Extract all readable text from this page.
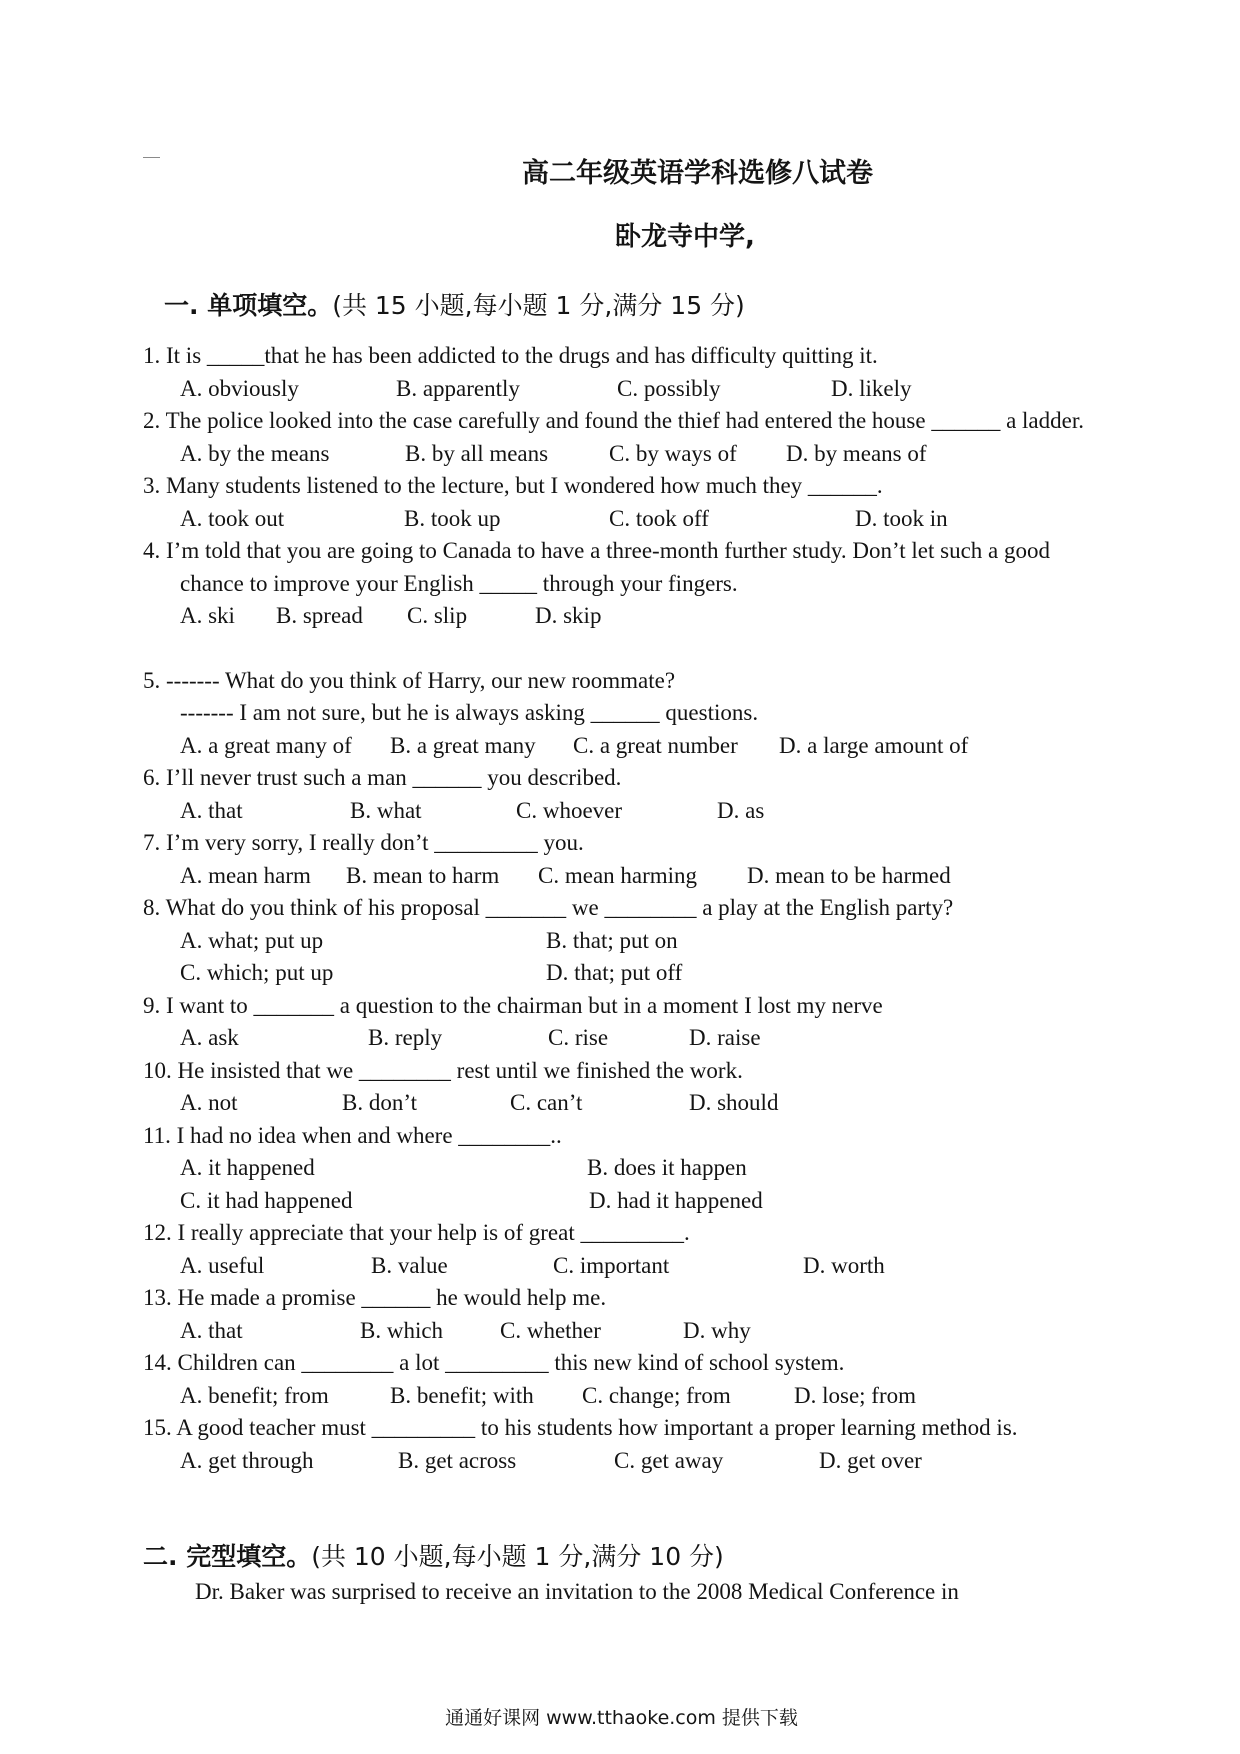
高二年级英语学科选修八试卷
卧龙寺中学,
一. 单项填空。(共 15 小题,每小题 1 分,满分 15 分)
1. It is _____that he has been addicted to the drugs and has difficulty quitting it.
A. obviously	B. apparently	C. possibly	D. likely
2. The police looked into the case carefully and found the thief had entered the house ______ a ladder.
A. by the means	B. by all means	C. by ways of D. by means of
3. Many students listened to the lecture, but I wondered how much they ______.
A. took out	B. took up	C. took off	D. took in
4. I’m told that you are going to Canada to have a three-month further study. Don’t let such a good chance to improve your English _____ through your fingers.
A. ski B. spread C. slip	D. skip
5. ------- What do you think of Harry, our new roommate?
------- I am not sure, but he is always asking ______ questions.
A. a great many of B. a great many C. a great number D. a large amount of
6. I’ll never trust such a man ______ you described.
A. that	B. what	C. whoever	D. as
7. I’m very sorry, I really don’t _________ you.
A. mean harm B. mean to harm C. mean harming D. mean to be harmed
8. What do you think of his proposal _______ we ________ a play at the English party?
A. what; put up	B. that; put on
C. which; put up	D. that; put off
9. I want to _______ a question to the chairman but in a moment I lost my nerve
A. ask	B. reply	C. rise	D. raise
10. He insisted that we ________ rest until we finished the work.
A. not	B. don’t	C. can’t	D. should
11. I had no idea when and where ________..
A. it happened	B. does it happen
C. it had happened	D. had it happened
12. I really appreciate that your help is of great _________.
A. useful	B. value	C. important	D. worth
13. He made a promise ______ he would help me.
A. that	B. which C. whether	D. why
14. Children can ________ a lot _________ this new kind of school system.
A. benefit; from	B. benefit; with C. change; from	D. lose; from
15. A good teacher must _________ to his students how important a proper learning method is.
A. get through	B. get across	C. get away	D. get over
二. 完型填空。(共 10 小题,每小题 1 分,满分 10 分)
Dr. Baker was surprised to receive an invitation to the 2008 Medical Conference in
通通好课网 www.tthaoke.com 提供下载
